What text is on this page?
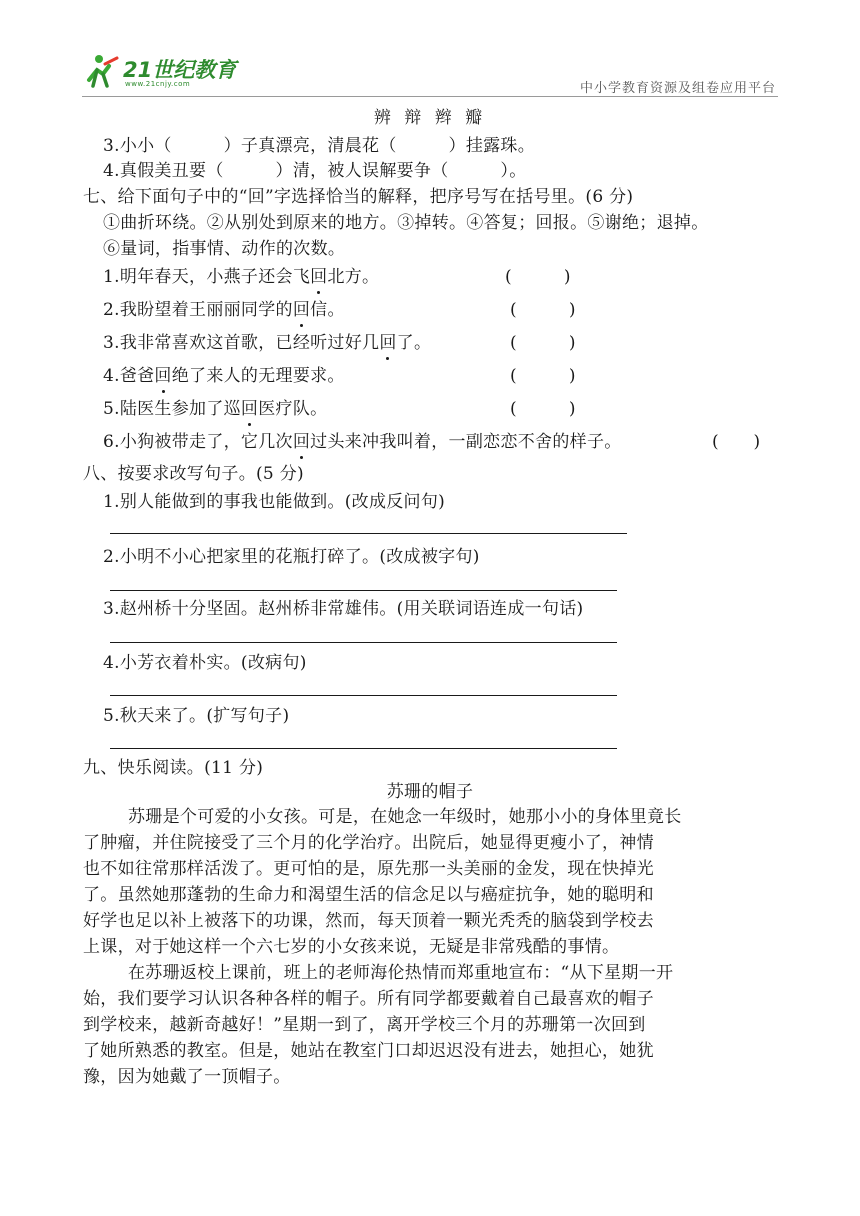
21世纪教育
www.21cnjy.com	中小学教育资源及组卷应用平台
辨 辩 辫 瓣
3.小小（　　　）子真漂亮，清晨花（　　　）挂露珠。
4.真假美丑要（　　　）清，被人误解要争（　　　）。
七、给下面句子中的“回”字选择恰当的解释，把序号写在括号里。(6 分)
①曲折环绕。②从别处到原来的地方。③掉转。④答复；回报。⑤谢绝；退掉。
⑥量词，指事情、动作的次数。
1.明年春天，小燕子还会飞回北方。	(　　　)
2.我盼望着王丽丽同学的回信。	(　　　)
3.我非常喜欢这首歌，已经听过好几回了。	(　　　)
4.爸爸回绝了来人的无理要求。	(　　　)
5.陆医生参加了巡回医疗队。	(　　　)
6.小狗被带走了，它几次回过头来冲我叫着，一副恋恋不舍的样子。	(　　)
八、按要求改写句子。(5 分)
1.别人能做到的事我也能做到。(改成反问句)
2.小明不小心把家里的花瓶打碎了。(改成被字句)
3.赵州桥十分坚固。赵州桥非常雄伟。(用关联词语连成一句话)
4.小芳衣着朴实。(改病句)
5.秋天来了。(扩写句子)
九、快乐阅读。(11 分)
苏珊的帽子
苏珊是个可爱的小女孩。可是，在她念一年级时，她那小小的身体里竟长
了肿瘤，并住院接受了三个月的化学治疗。出院后，她显得更瘦小了，神情
也不如往常那样活泼了。更可怕的是，原先那一头美丽的金发，现在快掉光
了。虽然她那蓬勃的生命力和渴望生活的信念足以与癌症抗争，她的聪明和
好学也足以补上被落下的功课，然而，每天顶着一颗光秃秃的脑袋到学校去
上课，对于她这样一个六七岁的小女孩来说，无疑是非常残酷的事情。
在苏珊返校上课前，班上的老师海伦热情而郑重地宣布：“从下星期一开
始，我们要学习认识各种各样的帽子。所有同学都要戴着自己最喜欢的帽子
到学校来，越新奇越好！”星期一到了，离开学校三个月的苏珊第一次回到
了她所熟悉的教室。但是，她站在教室门口却迟迟没有进去，她担心，她犹
豫，因为她戴了一顶帽子。
